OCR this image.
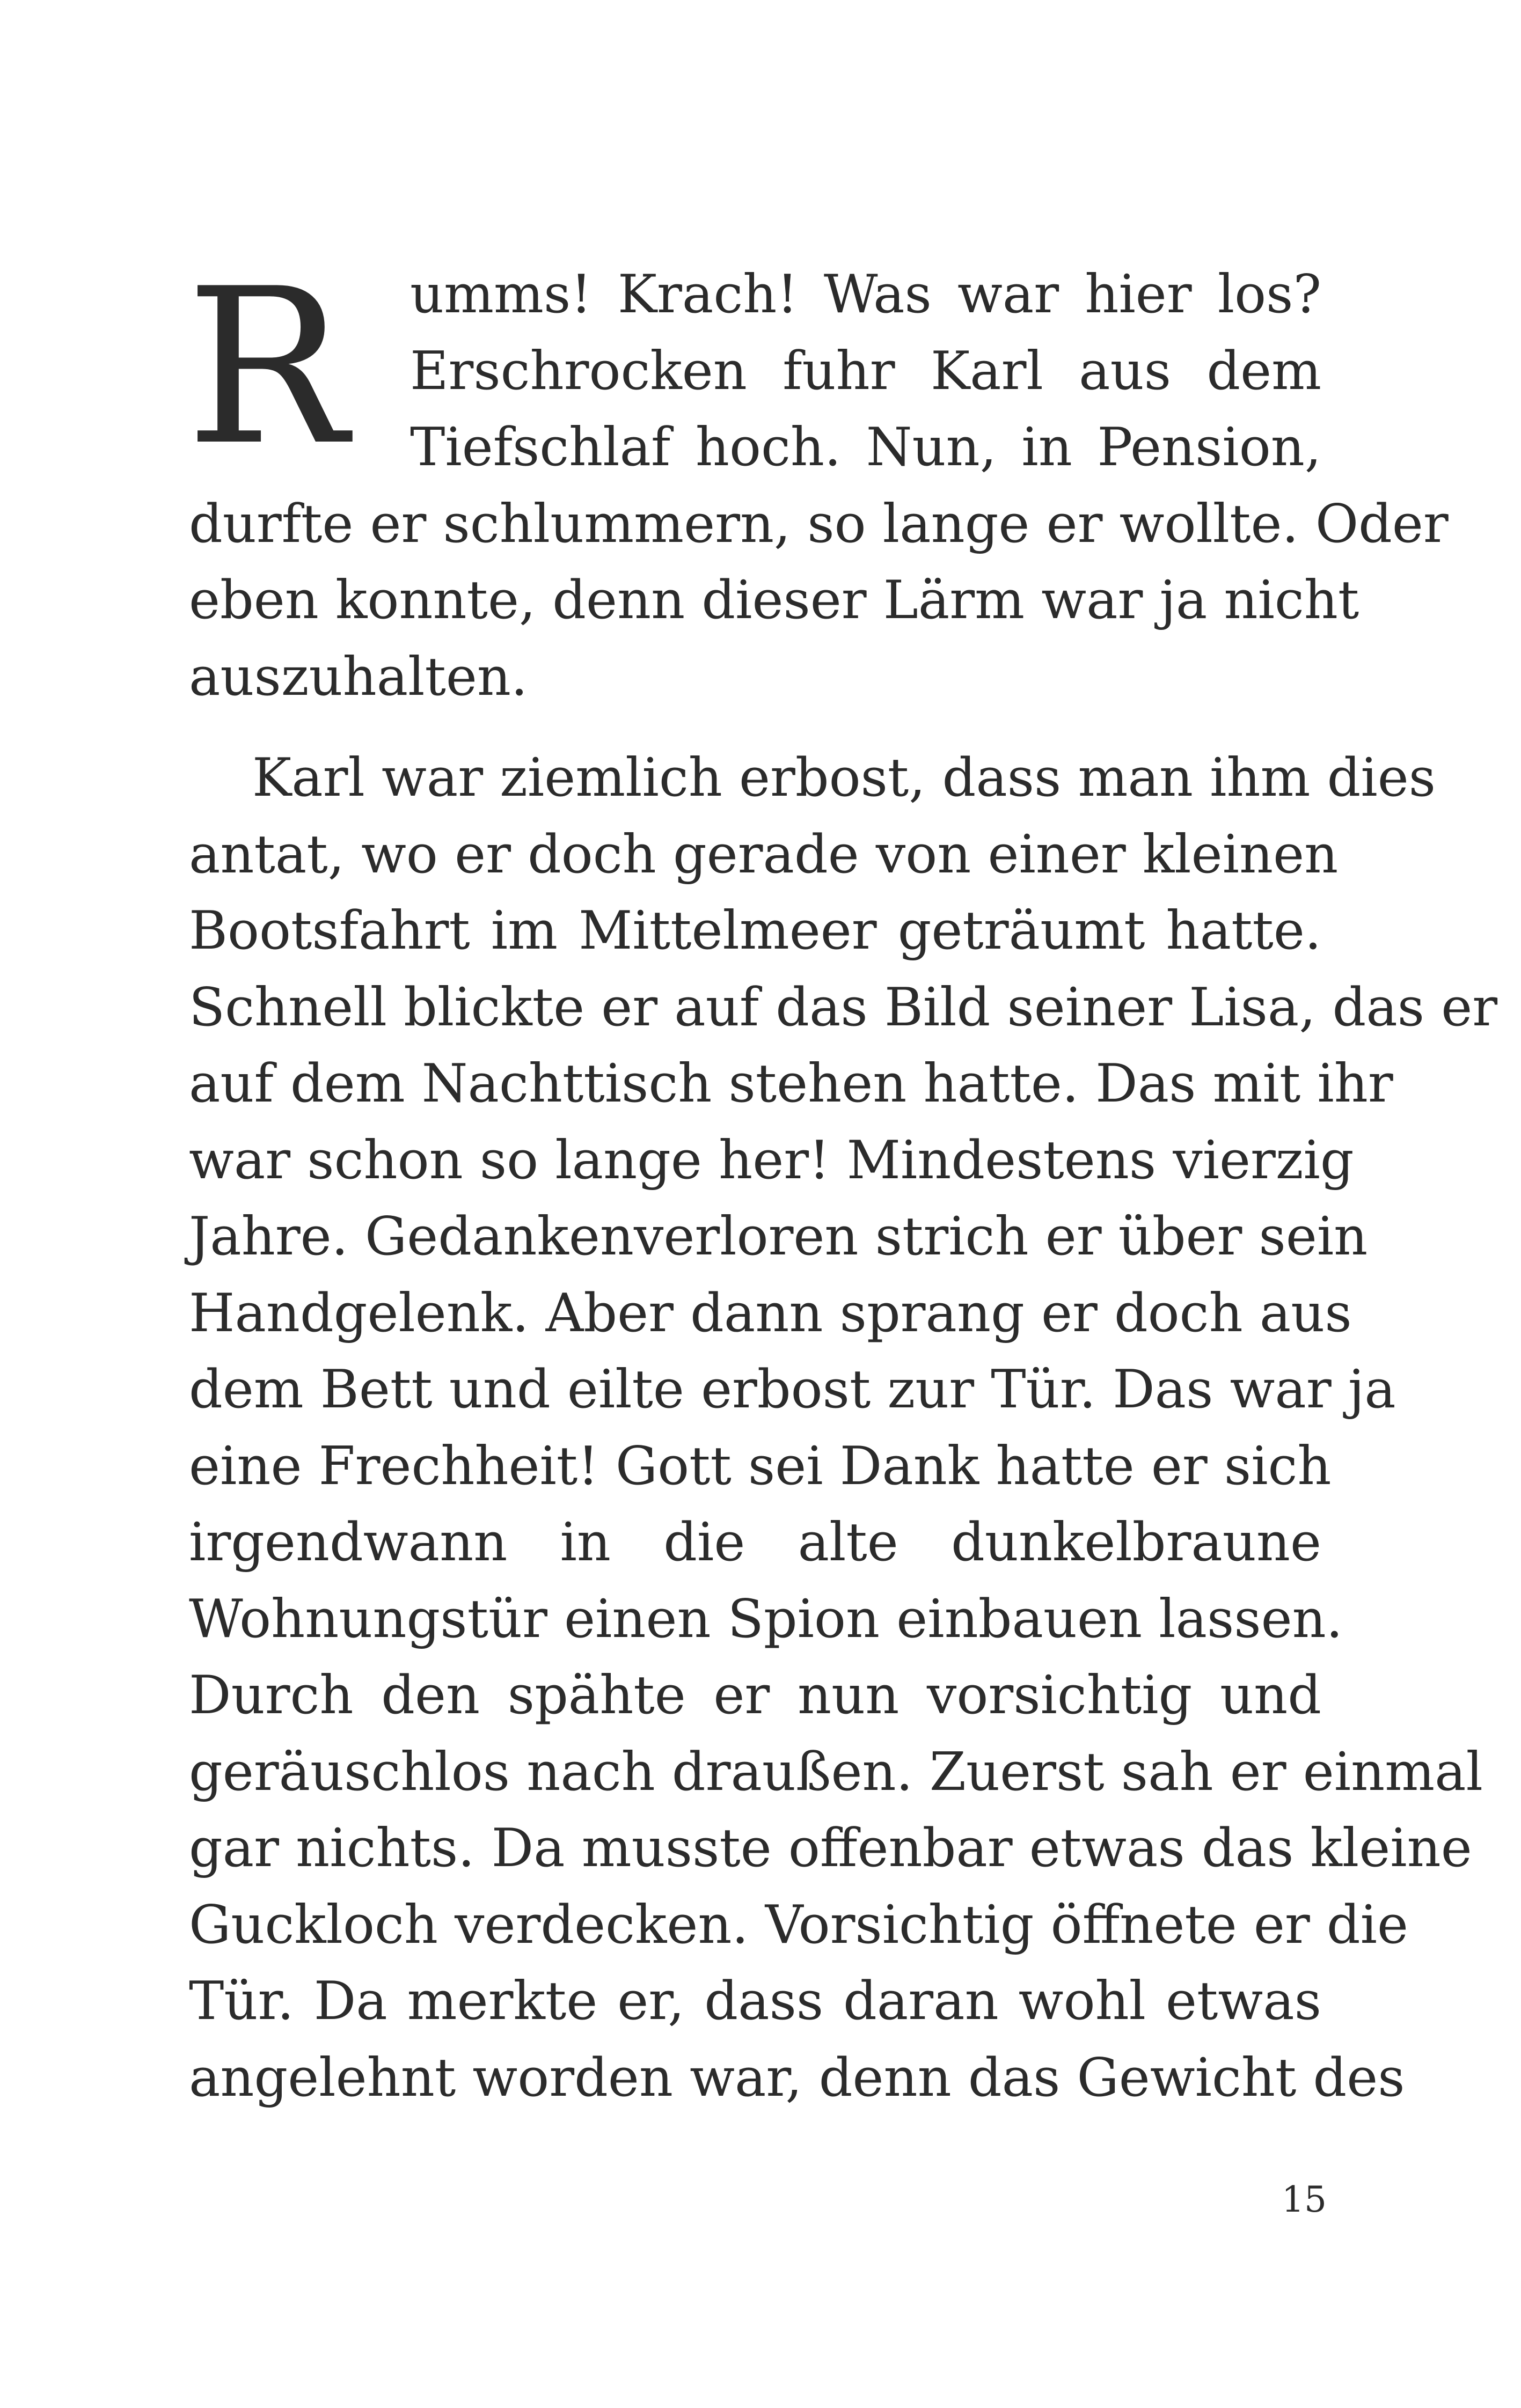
R umms! Krach! Was war hier los?
Erschrocken fuhr Karl aus dem
Tiefschlaf hoch. Nun, in Pension,
durfte er schlummern, so lange er wollte. Oder
eben konnte, denn dieser Lärm war ja nicht
auszuhalten.

Karl war ziemlich erbost, dass man ihm dies
antat, wo er doch gerade von einer kleinen
Bootsfahrt im Mittelmeer geträumt hatte.
Schnell blickte er auf das Bild seiner Lisa, das er
auf dem Nachttisch stehen hatte. Das mit ihr
war schon so lange her! Mindestens vierzig
Jahre. Gedankenverloren strich er über sein
Handgelenk. Aber dann sprang er doch aus
dem Bett und eilte erbost zur Tür. Das war ja
eine Frechheit! Gott sei Dank hatte er sich
irgendwann in die alte dunkelbraune
Wohnungstür einen Spion einbauen lassen.
Durch den spähte er nun vorsichtig und
geräuschlos nach draußen. Zuerst sah er einmal
gar nichts. Da musste offenbar etwas das kleine
Guckloch verdecken. Vorsichtig öffnete er die
Tür. Da merkte er, dass daran wohl etwas
angelehnt worden war, denn das Gewicht des

15
